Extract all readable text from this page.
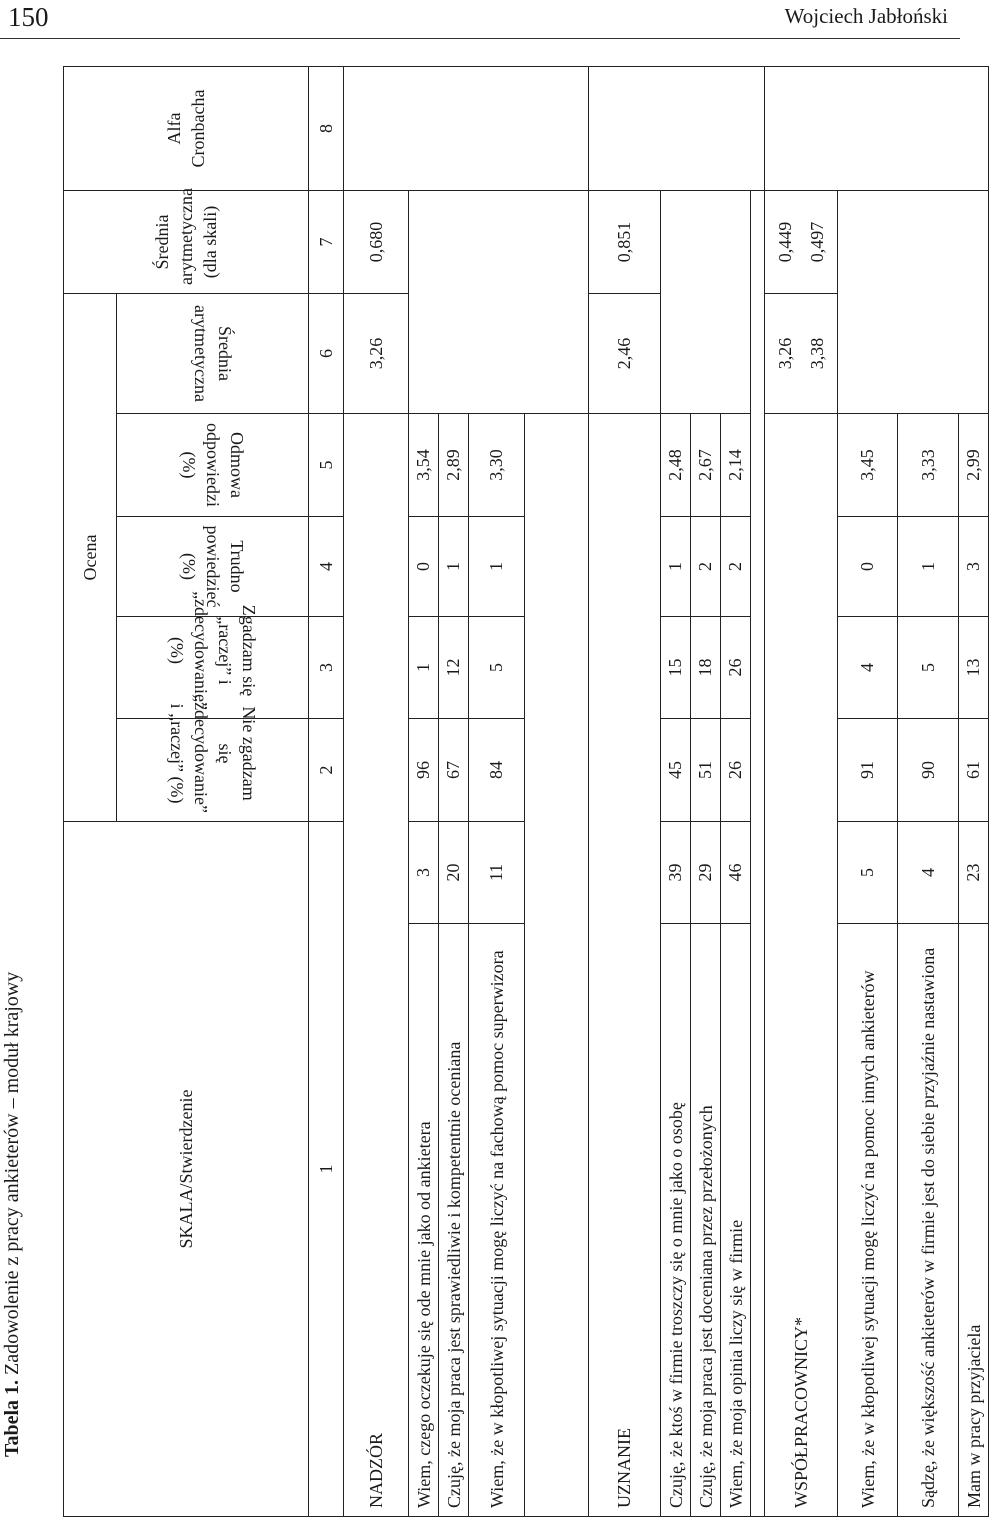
150	Wojciech Jabłoński
Tabela 1. Zadowolenie z pracy ankieterów – moduł krajowy	SKALA/Stwierdzenie		Ocena					Średnia arytmetyczna (dla skali)	Alfa Cronbacha
		Nie zgadzam się „zdecydowanie” i „raczej” (%)	Zgadzam się „raczej” i „zdecydowanie” (%)	Trudno powiedzieć (%)	Odmowa odpowiedzi (%)	Średnia arytmetyczna		
1		2	3	4	5	6	7	8
NADZÓR						3,26	0,680	
Wiem, czego oczekuje się ode mnie jako od ankietera	3	96	1	0	3,54			
Czuję, że moja praca jest sprawiedliwie i kompetentnie oceniana	20	67	12	1	2,89			
Wiem, że w kłopotliwej sytuacji mogę liczyć na fachową pomoc superwizora	11	84	5	1	3,30			

UZNANIE						2,46	0,851	
Czuję, że ktoś w firmie troszczy się o mnie jako o osobę	39	45	15	1	2,48			
Czuję, że moja praca jest doceniana przez przełożonych	29	51	18	2	2,67			
Wiem, że moja opinia liczy się w firmie	46	26	26	2	2,14			

WSPÓŁPRACOWNICY*						3,26 3,38	0,449 0,497	
Wiem, że w kłopotliwej sytuacji mogę liczyć na pomoc innych ankieterów	5	91	4	0	3,45			
Sądzę, że większość ankieterów w firmie jest do siebie przyjaźnie nastawiona	4	90	5	1	3,33			
Mam w pracy przyjaciela	23	61	13	3	2,99			
